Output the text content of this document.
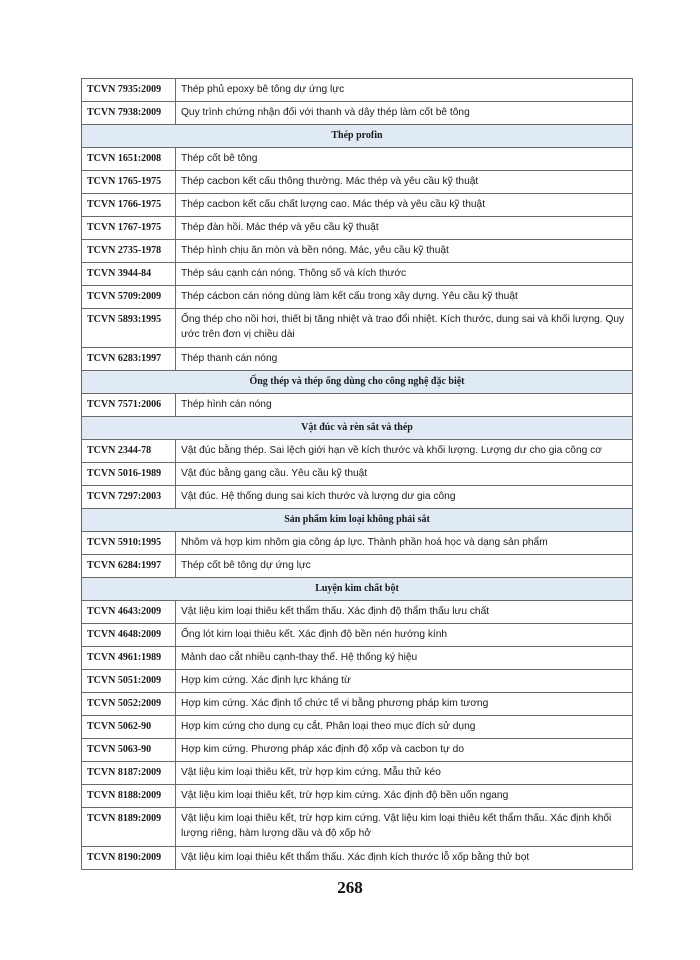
TCVN 7935:2009	Thép phủ epoxy bê tông dự ứng lực
TCVN 7938:2009	Quy trình chứng nhận đối với thanh và dây thép làm cốt bê tông
Thép profin	
TCVN 1651:2008	Thép cốt bê tông
TCVN 1765-1975	Thép cacbon kết cấu thông thường. Mác thép và yêu cầu kỹ thuật
TCVN 1766-1975	Thép cacbon kết cấu chất lượng cao. Mác thép và yêu cầu kỹ thuật
TCVN 1767-1975	Thép đàn hồi. Mác thép và yêu cầu kỹ thuật
TCVN 2735-1978	Thép hình chịu ăn mòn và bền nóng. Mác, yêu cầu kỹ thuật
TCVN 3944-84	Thép sáu cạnh cán nóng. Thông số và kích thước
TCVN 5709:2009	Thép cácbon cán nóng dùng làm kết cấu trong xây dựng. Yêu cầu kỹ thuật
TCVN 5893:1995	Ống thép cho nồi hơi, thiết bị tăng nhiệt và trao đổi nhiệt. Kích thước, dung sai và khối lượng. Quy ước trên đơn vị chiều dài
TCVN 6283:1997	Thép thanh cán nóng
Ống thép và thép ống dùng cho công nghệ đặc biệt	
TCVN 7571:2006	Thép hình cán nóng
Vật đúc và rèn sắt và thép	
TCVN 2344-78	Vật đúc bằng thép. Sai lệch giới hạn về kích thước và khối lượng. Lượng dư cho gia công cơ
TCVN 5016-1989	Vật đúc bằng gang cầu. Yêu cầu kỹ thuật
TCVN 7297:2003	Vật đúc. Hệ thống dung sai kích thước và lượng dư gia công
Sản phẩm kim loại không phải sắt	
TCVN 5910:1995	Nhôm và hợp kim nhôm gia công áp lực. Thành phần hoá học và dạng sản phẩm
TCVN 6284:1997	Thép cốt bê tông dự ứng lực
Luyện kim chất bột	
TCVN 4643:2009	Vật liệu kim loại thiêu kết thẩm thấu. Xác định độ thẩm thấu lưu chất
TCVN 4648:2009	Ống lót kim loại thiêu kết. Xác định độ bền nén hướng kính
TCVN 4961:1989	Mảnh dao cắt nhiều cạnh-thay thế. Hệ thống ký hiệu
TCVN 5051:2009	Hợp kim cứng. Xác định lực kháng từ
TCVN 5052:2009	Hợp kim cứng. Xác định tổ chức tế vi bằng phương pháp kim tương
TCVN 5062-90	Hợp kim cứng cho dụng cụ cắt. Phân loại theo mục đích sử dụng
TCVN 5063-90	Hợp kim cứng. Phương pháp xác định độ xốp và cacbon tự do
TCVN 8187:2009	Vật liệu kim loại thiêu kết, trừ hợp kim cứng. Mẫu thử kéo
TCVN 8188:2009	Vật liệu kim loại thiêu kết, trừ hợp kim cứng. Xác định độ bền uốn ngang
TCVN 8189:2009	Vật liệu kim loại thiêu kết, trừ hợp kim cứng. Vật liệu kim loại thiêu kết thẩm thấu. Xác định khối lượng riêng, hàm lượng dầu và độ xốp hở
TCVN 8190:2009	Vật liệu kim loại thiêu kết thẩm thấu. Xác định kích thước lỗ xốp bằng thử bọt
268
